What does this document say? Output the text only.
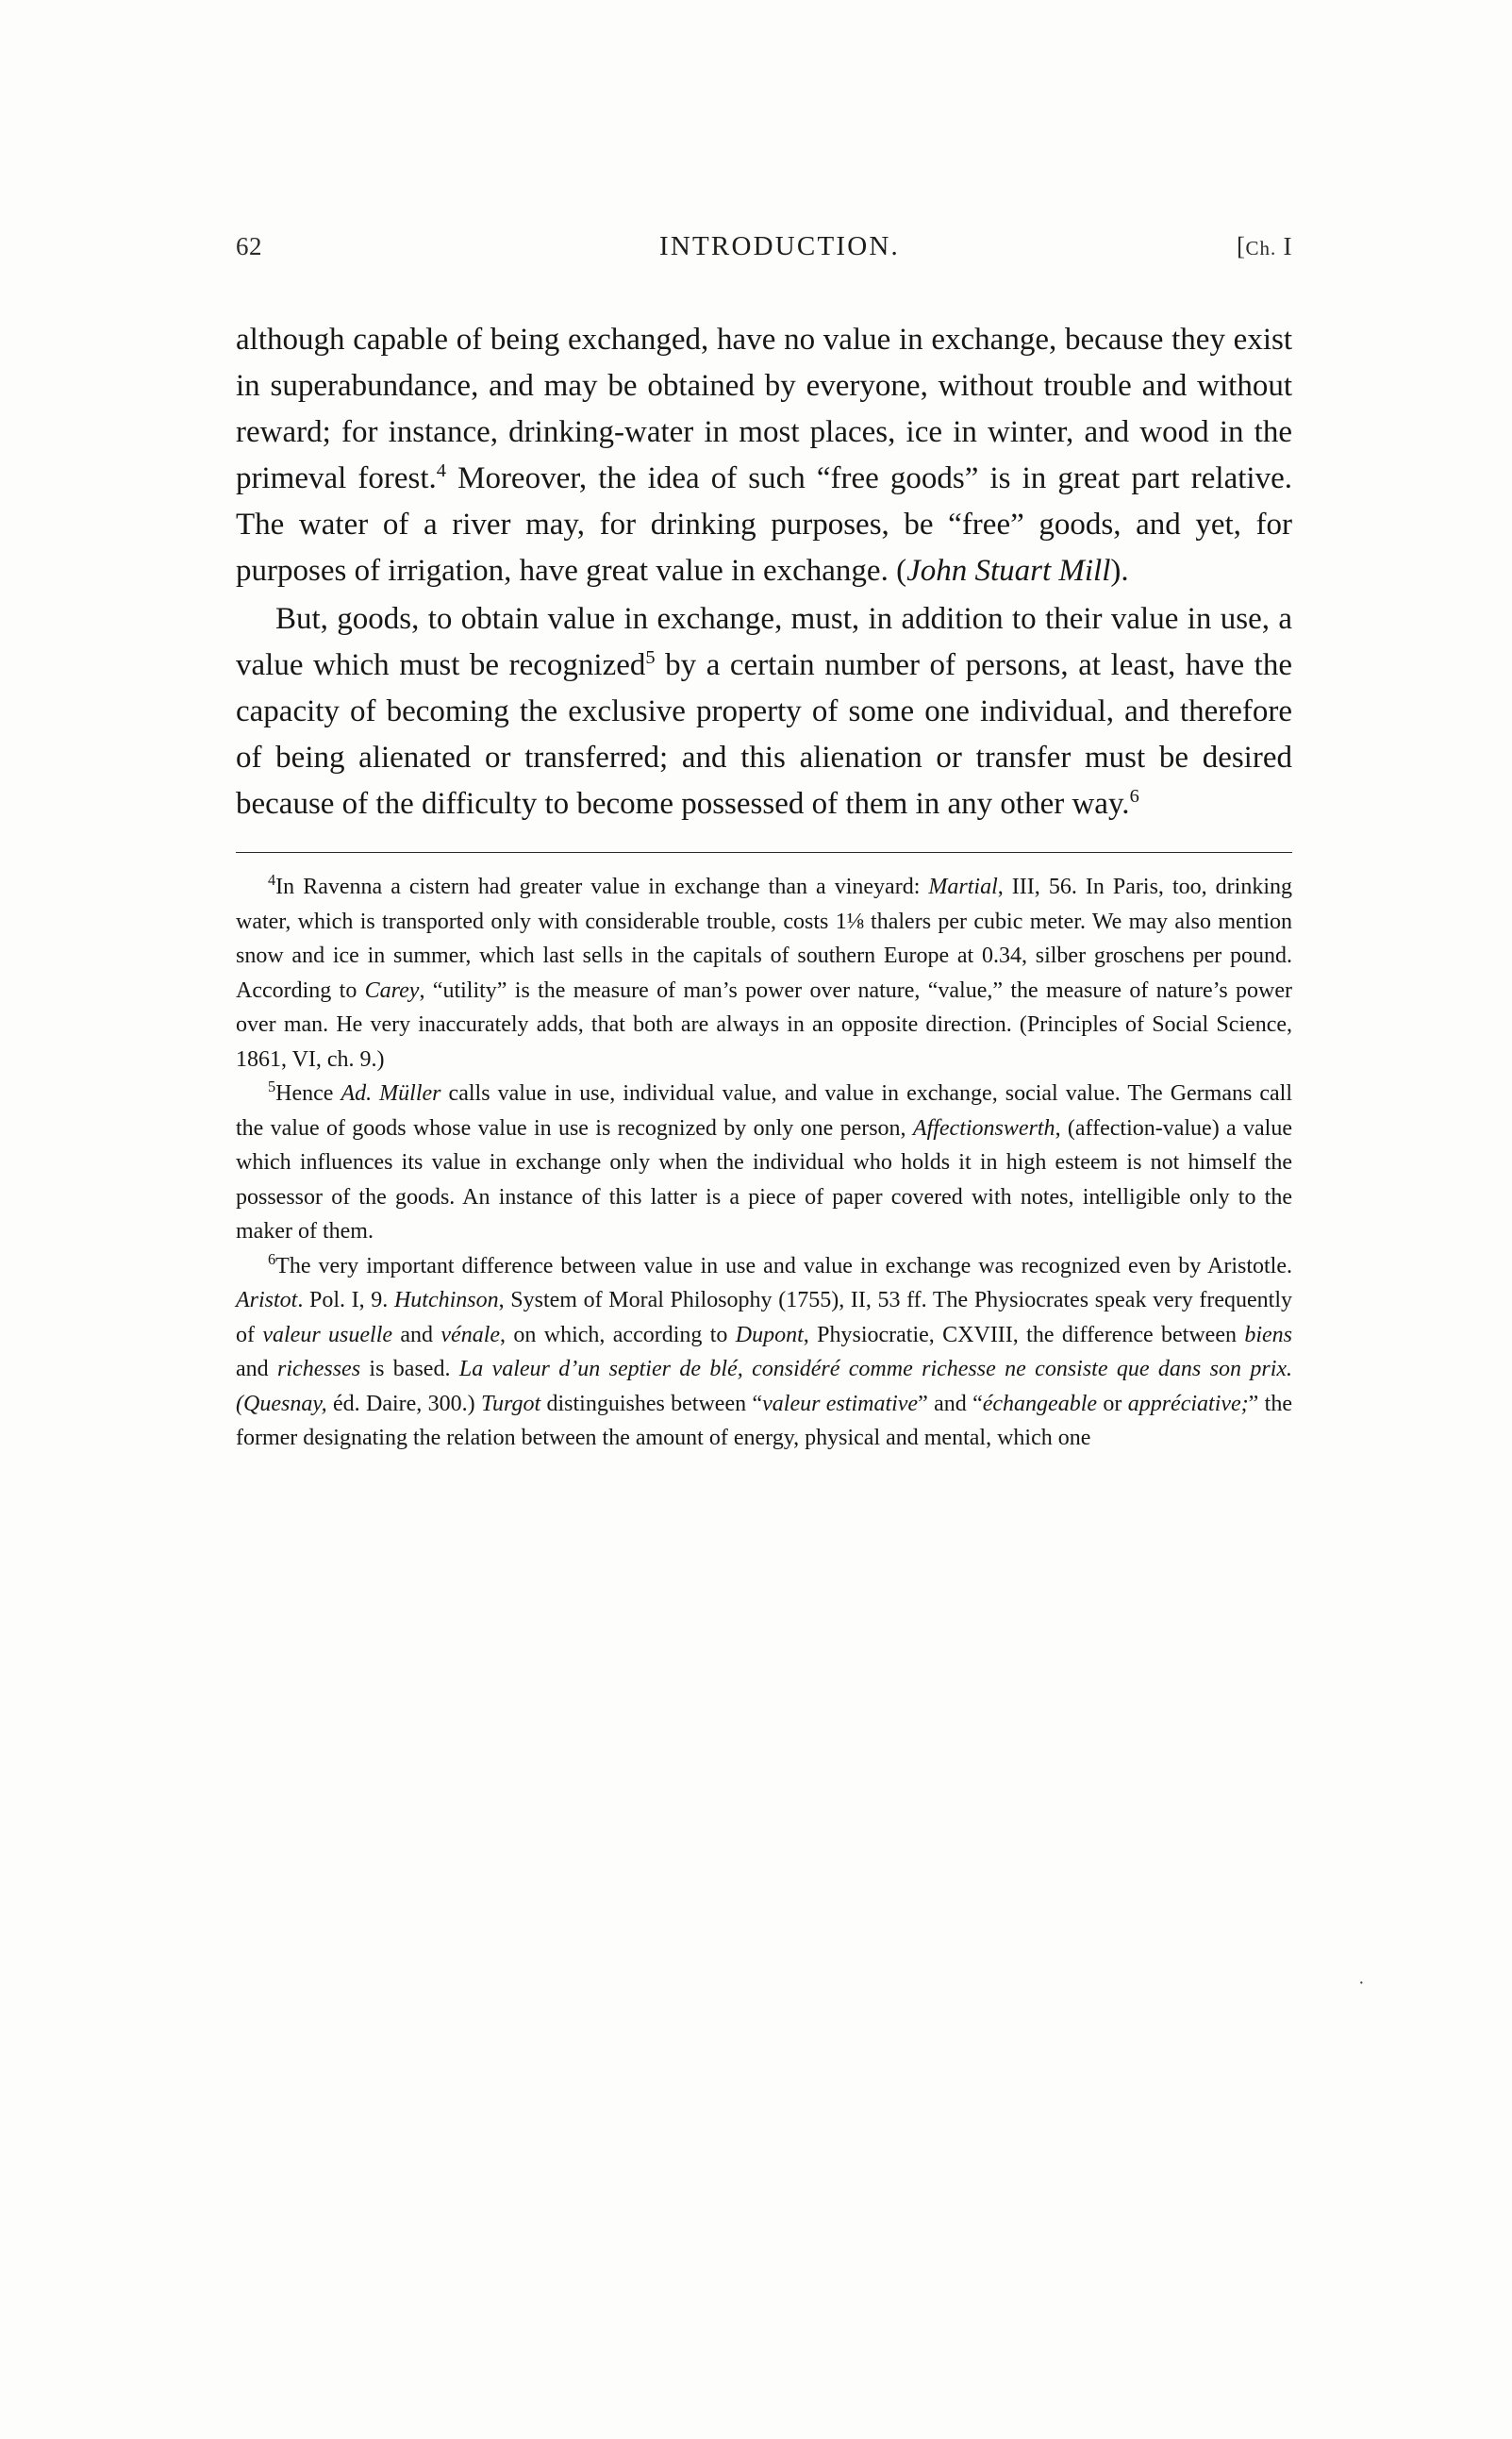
62	INTRODUCTION.	[Ch. I

although capable of being exchanged, have no value in exchange, because they exist in superabundance, and may be obtained by everyone, without trouble and without reward; for instance, drinking-water in most places, ice in winter, and wood in the primeval forest.$^4$ Moreover, the idea of such “free goods” is in great part relative. The water of a river may, for drinking purposes, be “free” goods, and yet, for purposes of irrigation, have great value in exchange. (John Stuart Mill).

But, goods, to obtain value in exchange, must, in addition to their value in use, a value which must be recognized$^5$ by a certain number of persons, at least, have the capacity of becoming the exclusive property of some one individual, and therefore of being alienated or transferred; and this alienation or transfer must be desired because of the difficulty to become possessed of them in any other way.$^6$

$^4$In Ravenna a cistern had greater value in exchange than a vineyard: Martial, III, 56. In Paris, too, drinking water, which is transported only with considerable trouble, costs 1⅛ thalers per cubic meter. We may also mention snow and ice in summer, which last sells in the capitals of southern Europe at 0.34, silber groschens per pound. According to Carey, “utility” is the measure of man’s power over nature, “value,” the measure of nature’s power over man. He very inaccurately adds, that both are always in an opposite direction. (Principles of Social Science, 1861, VI, ch. 9.)

$^5$Hence Ad. Müller calls value in use, individual value, and value in exchange, social value. The Germans call the value of goods whose value in use is recognized by only one person, Affectionswerth, (affection-value) a value which influences its value in exchange only when the individual who holds it in high esteem is not himself the possessor of the goods. An instance of this latter is a piece of paper covered with notes, intelligible only to the maker of them.

$^6$The very important difference between value in use and value in exchange was recognized even by Aristotle. Aristot. Pol. I, 9. Hutchinson, System of Moral Philosophy (1755), II, 53 ff. The Physiocrates speak very frequently of valeur usuelle and vénale, on which, according to Dupont, Physiocratie, CXVIII, the difference between biens and richesses is based. La valeur d’un septier de blé, considéré comme richesse ne consiste que dans son prix. (Quesnay, éd. Daire, 300.) Turgot distinguishes between “valeur estimative” and “échangeable or appréciative;” the former designating the relation between the amount of energy, physical and mental, which one

˙
